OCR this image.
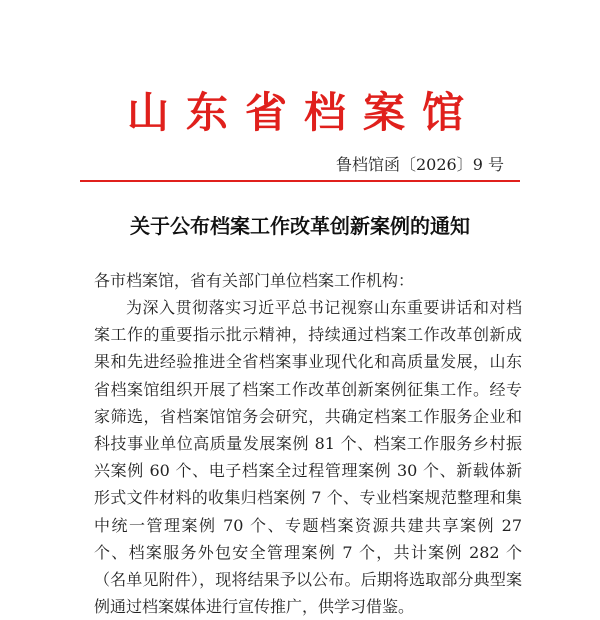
山东省档案馆
鲁档馆函〔2026〕9 号
关于公布档案工作改革创新案例的通知
各市档案馆，省有关部门单位档案工作机构：
为深入贯彻落实习近平总书记视察山东重要讲话和对档案工作的重要指示批示精神，持续通过档案工作改革创新成果和先进经验推进全省档案事业现代化和高质量发展，山东省档案馆组织开展了档案工作改革创新案例征集工作。经专家筛选，省档案馆馆务会研究，共确定档案工作服务企业和科技事业单位高质量发展案例 81 个、档案工作服务乡村振兴案例 60 个、电子档案全过程管理案例 30 个、新载体新形式文件材料的收集归档案例 7 个、专业档案规范整理和集中统一管理案例 70 个、专题档案资源共建共享案例 27 个、档案服务外包安全管理案例 7 个，共计案例 282 个（名单见附件），现将结果予以公布。后期将选取部分典型案例通过档案媒体进行宣传推广，供学习借鉴。
